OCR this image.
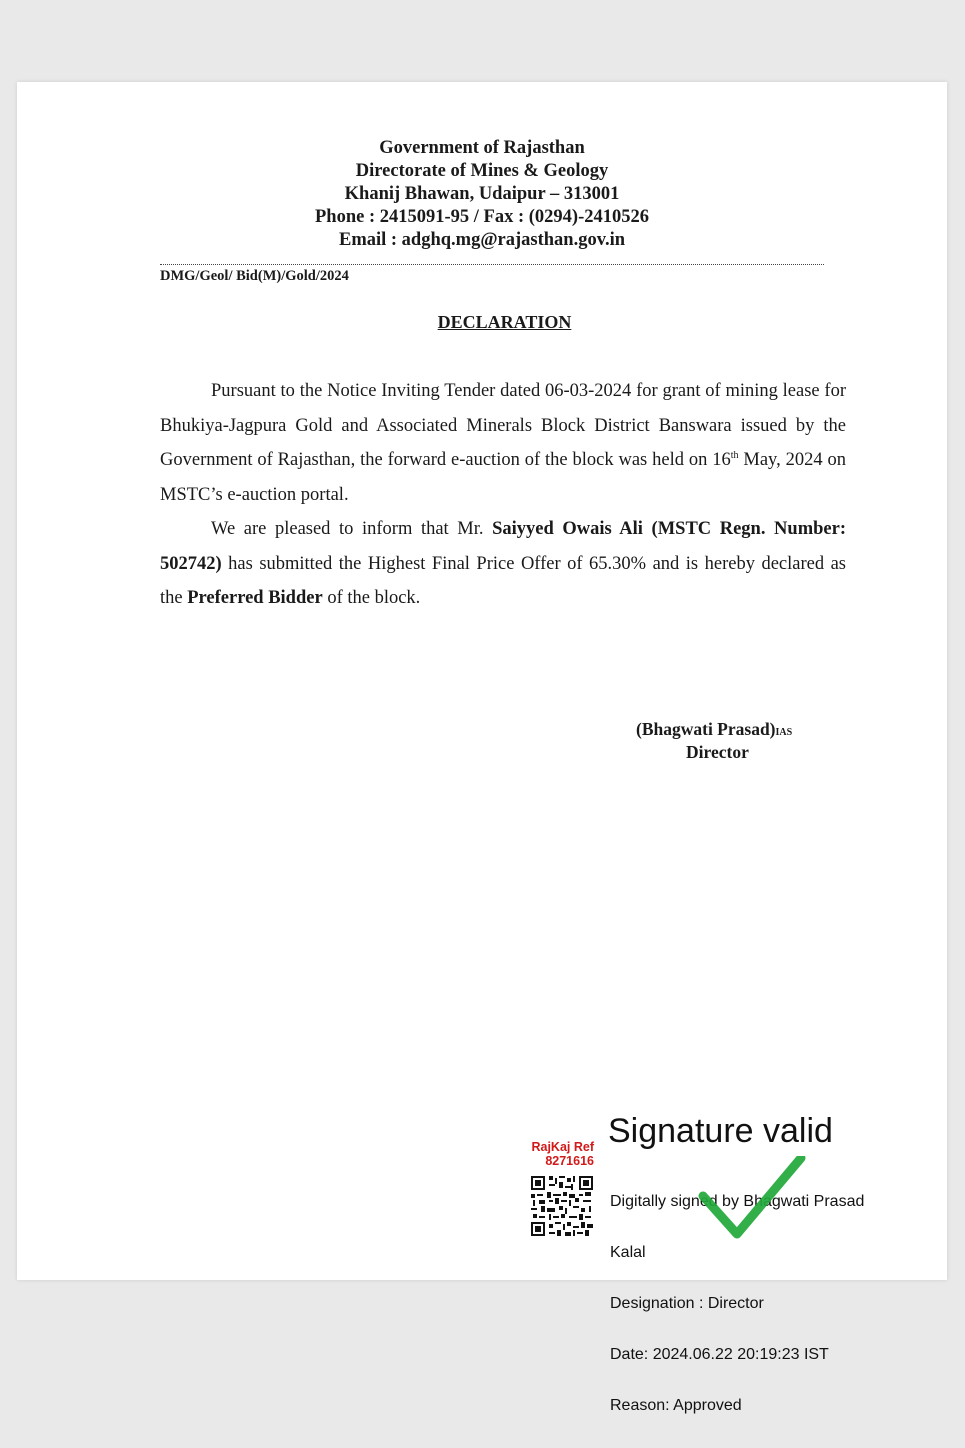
Government of Rajasthan
Directorate of Mines & Geology
Khanij Bhawan, Udaipur – 313001
Phone : 2415091-95 / Fax : (0294)-2410526
Email : adghq.mg@rajasthan.gov.in
DMG/Geol/ Bid(M)/Gold/2024
DECLARATION
Pursuant to the Notice Inviting Tender dated 06-03-2024 for grant of mining lease for Bhukiya-Jagpura Gold and Associated Minerals Block District Banswara issued by the Government of Rajasthan, the forward e-auction of the block was held on 16th May, 2024 on MSTC’s e-auction portal.
We are pleased to inform that Mr. Saiyyed Owais Ali (MSTC Regn. Number: 502742) has submitted the Highest Final Price Offer of 65.30% and is hereby declared as the Preferred Bidder of the block.
(Bhagwati Prasad)IAS
Director
RajKaj Ref
8271616
Signature valid

Digitally signed by Bhagwati Prasad

Kalal

Designation : Director

Date: 2024.06.22 20:19:23 IST

Reason: Approved
